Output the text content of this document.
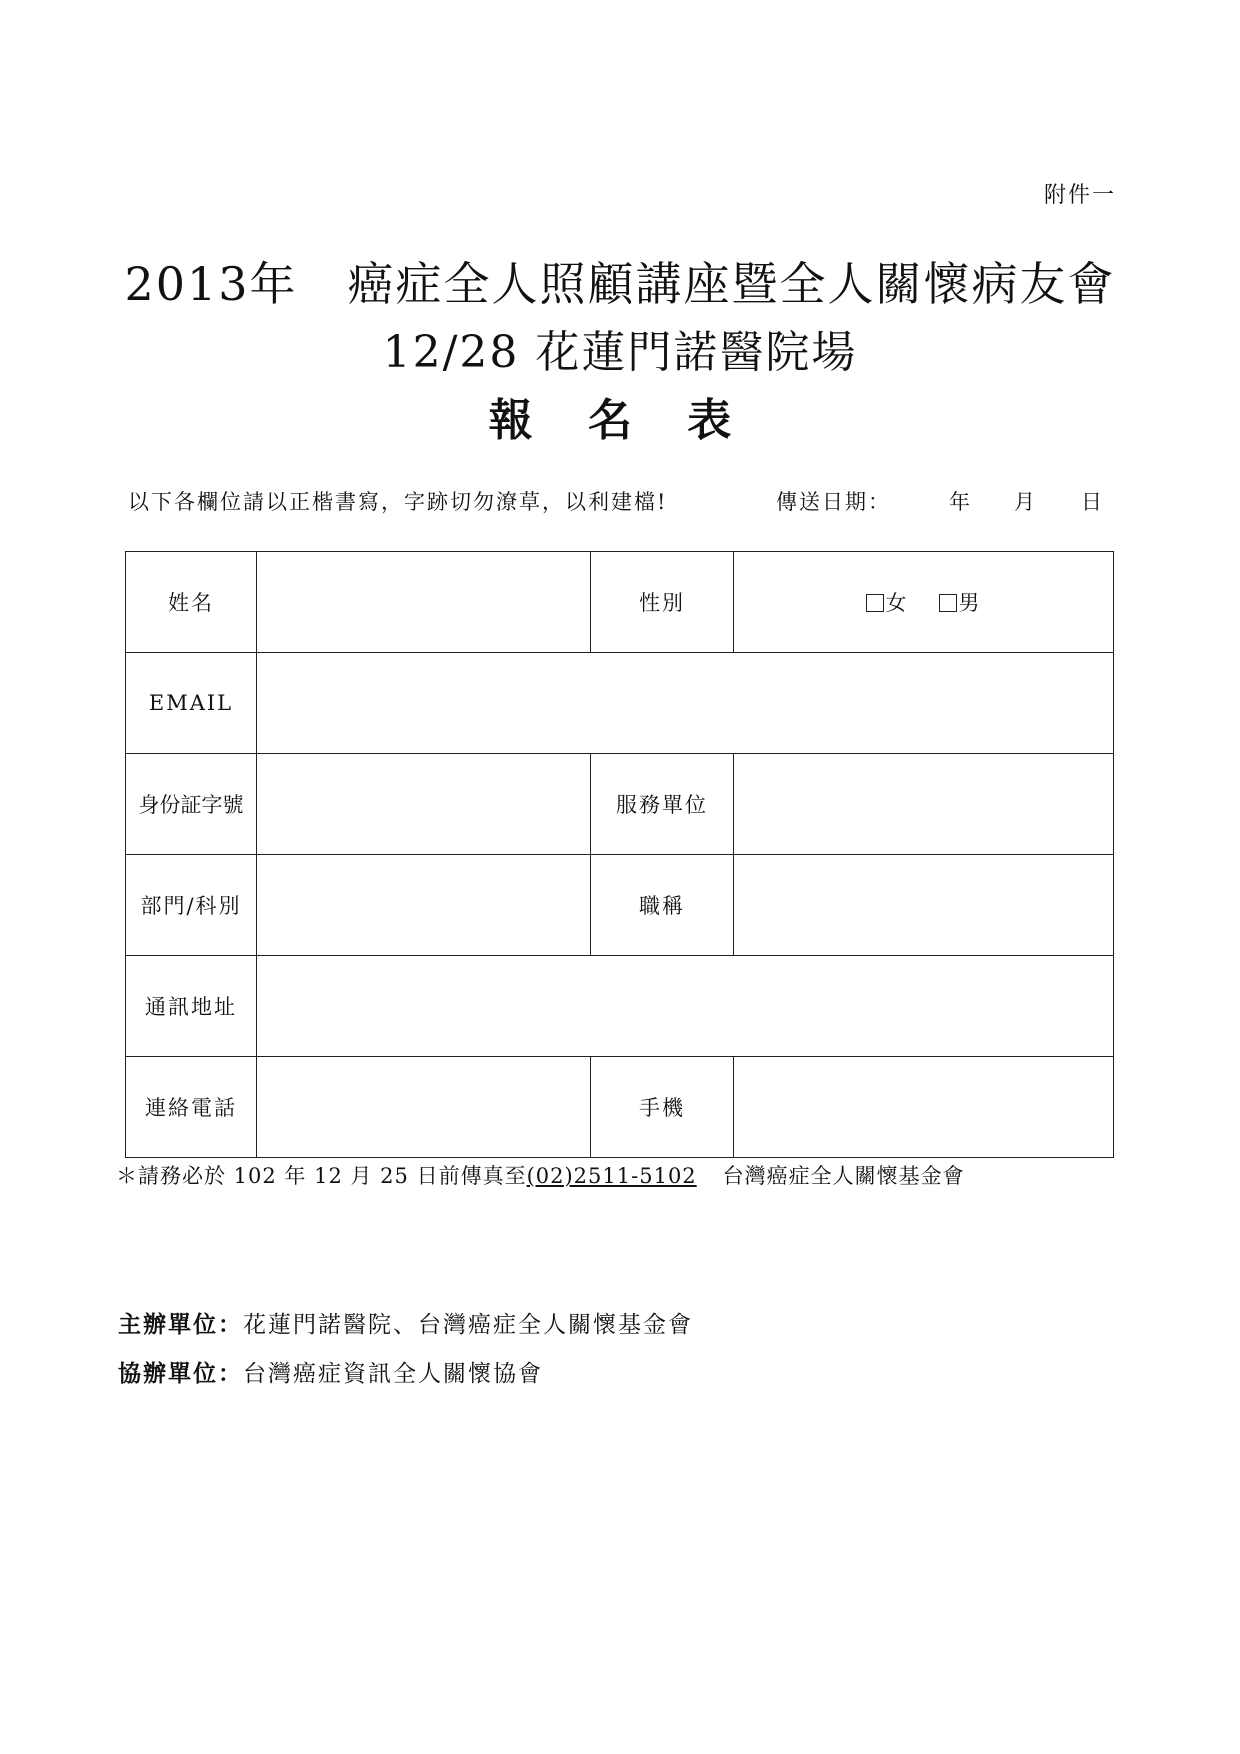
附件一
2013年 癌症全人照顧講座暨全人關懷病友會
12/28 花蓮門諾醫院場
報 名 表
以下各欄位請以正楷書寫，字跡切勿潦草，以利建檔!	傳送日期：	年 月 日
姓名		性別	女 男
EMAIL			
身份証字號		服務單位	
部門/科別		職稱	
通訊地址			
連絡電話		手機	
＊請務必於 102 年 12 月 25 日前傳真至(02)2511-5102 台灣癌症全人關懷基金會
主辦單位：花蓮門諾醫院、台灣癌症全人關懷基金會
協辦單位：台灣癌症資訊全人關懷協會
